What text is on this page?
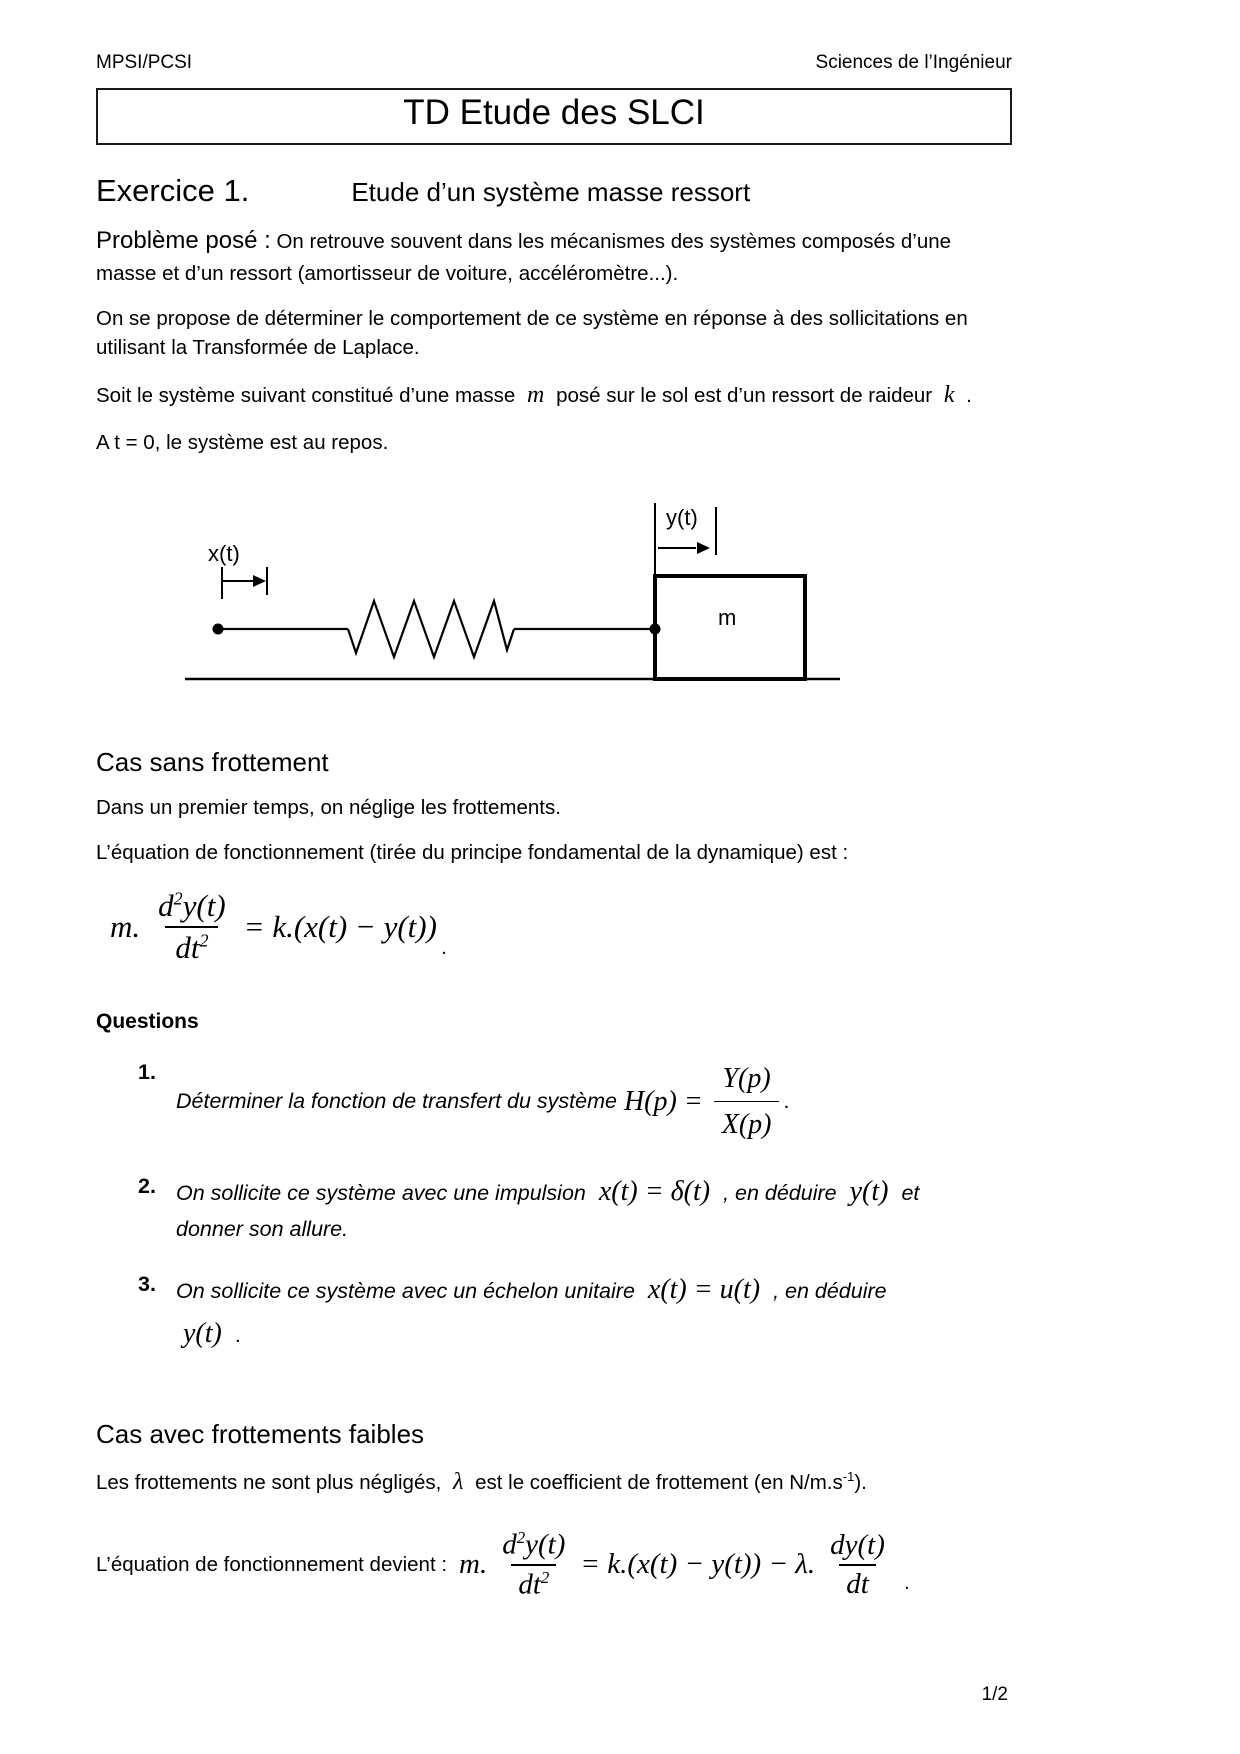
MPSI/PCSI	Sciences de l’Ingénieur
TD Etude des SLCI
Exercice 1.	Etude d’un système masse ressort

Problème posé : On retrouve souvent dans les mécanismes des systèmes composés d’une masse et d’un ressort (amortisseur de voiture, accéléromètre...).

On se propose de déterminer le comportement de ce système en réponse à des sollicitations en utilisant la Transformée de Laplace.

Soit le système suivant constitué d’une masse m posé sur le sol est d’un ressort de raideur k .

A t = 0, le système est au repos.

m
x(t)
y(t)
Cas sans frottement

Dans un premier temps, on néglige les frottements.

L’équation de fonctionnement (tirée du principe fondamental de la dynamique) est :

m. $\frac{d^2y(t)}{dt^2} = k.(x(t) - y(t))$
.
Questions
1.
Déterminer la fonction de transfert du système $H(p) = \frac{Y(p)}{X(p)}$ .
2. On sollicite ce système avec une impulsion x(t) = δ(t) , en déduire y(t) et
donner son allure.
3. On sollicite ce système avec un échelon unitaire x(t) = u(t) , en déduire
y(t) .
Cas avec frottements faibles

Les frottements ne sont plus négligés, λ est le coefficient de frottement (en $N/m.s^{-1}$).

L’équation de fonctionnement devient : m. $\frac{d^2y(t)}{dt^2} = k.(x(t) - y(t)) - \lambda$. $\frac{dy(t)}{dt}$ .
1/2
